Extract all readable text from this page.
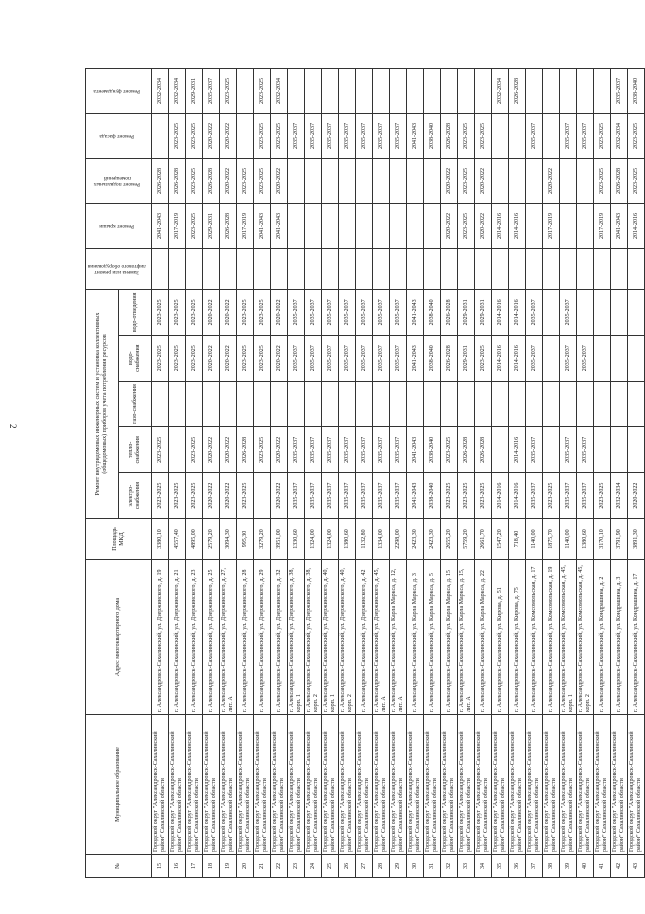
2
№	Муниципальное образование	Адрес многоквартирного дома	Площадь МКД	Ремонт внутридомовых инженерных систем и установка коллективных (общедомовых) приборов учета потребления ресурсов					Замена или ремонт лифтового оборудования	Ремонт крыши	Ремонт подвальных помещений	Ремонт фасада	Ремонт фундамента
				электро-снабжения	тепло-снабжения	газо-снабжения	водо-снабжения	водо-отведения					
15	Городской округ "Александровск-Сахалинский район" Сахалинской области	г. Александровск-Сахалинский, ул. Дзержинского, д. 19	3380,10	2023-2025	2023-2025		2023-2025	2023-2025		2041-2043	2026-2028		2032-2034
16	Городской округ "Александровск-Сахалинский район" Сахалинской области	г. Александровск-Сахалинский, ул. Дзержинского, д. 21	4557,40	2023-2025			2023-2025	2023-2025		2017-2019	2026-2028	2023-2025	2032-2034
17	Городской округ "Александровск-Сахалинский район" Сахалинской области	г. Александровск-Сахалинский, ул. Дзержинского, д. 23	4895,00	2023-2025	2023-2025		2023-2025	2023-2025		2023-2025	2023-2025	2023-2025	2029-2031
18	Городской округ "Александровск-Сахалинский район" Сахалинской области	г. Александровск-Сахалинский, ул. Дзержинского, д. 25	2579,20	2020-2022	2020-2022		2020-2022	2020-2022		2029-2031	2026-2028	2020-2022	2035-2037
19	Городской округ "Александровск-Сахалинский район" Сахалинской области	г. Александровск-Сахалинский, ул. Дзержинского, д. 27, лит. А	3094,30	2020-2022	2020-2022		2020-2022	2020-2022		2026-2028	2020-2022	2020-2022	2023-2025
20	Городской округ "Александровск-Сахалинский район" Сахалинской области	г. Александровск-Сахалинский, ул. Дзержинского, д. 28	995,30	2023-2025	2026-2028		2023-2025	2023-2025		2017-2019	2023-2025		
21	Городской округ "Александровск-Сахалинский район" Сахалинской области	г. Александровск-Сахалинский, ул. Дзержинского, д. 29	3279,20		2023-2025		2023-2025	2023-2025		2041-2043	2023-2025	2023-2025	2023-2025
22	Городской округ "Александровск-Сахалинский район" Сахалинской области	г. Александровск-Сахалинский, ул. Дзержинского, д. 32	3951,00	2020-2022	2020-2022		2020-2022	2020-2022		2041-2043	2020-2022	2023-2025	2032-2034
23	Городской округ "Александровск-Сахалинский район" Сахалинской области	г. Александровск-Сахалинский, ул. Дзержинского, д. 38, корп. 1	1330,60	2035-2037	2035-2037		2035-2037	2035-2037				2035-2037	
24	Городской округ "Александровск-Сахалинский район" Сахалинской области	г. Александровск-Сахалинский, ул. Дзержинского, д. 38, корп. 2	1324,00	2035-2037	2035-2037		2035-2037	2035-2037				2035-2037	
25	Городской округ "Александровск-Сахалинский район" Сахалинской области	г. Александровск-Сахалинский, ул. Дзержинского, д. 40, корп. 1	1324,00	2035-2037	2035-2037		2035-2037	2035-2037				2035-2037	
26	Городской округ "Александровск-Сахалинский район" Сахалинской области	г. Александровск-Сахалинский, ул. Дзержинского, д. 40, корп. 2	1380,60	2035-2037	2035-2037		2035-2037	2035-2037				2035-2037	
27	Городской округ "Александровск-Сахалинский район" Сахалинской области	г. Александровск-Сахалинский, ул. Дзержинского, д. 42	1132,80	2035-2037	2035-2037		2035-2037	2035-2037				2035-2037	
28	Городской округ "Александровск-Сахалинский район" Сахалинской области	г. Александровск-Сахалинский, ул. Дзержинского, д. 45, лит. А	1334,00	2035-2037	2035-2037		2035-2037	2035-2037				2035-2037	
29	Городской округ "Александровск-Сахалинский район" Сахалинской области	г. Александровск-Сахалинский, ул. Карла Маркса, д. 12, лит. А	2298,00	2035-2037	2035-2037		2035-2037	2035-2037				2035-2037	
30	Городской округ "Александровск-Сахалинский район" Сахалинской области	г. Александровск-Сахалинский, ул. Карла Маркса, д. 3	2423,30	2041-2043	2041-2043		2041-2043	2041-2043				2041-2043	
31	Городской округ "Александровск-Сахалинский район" Сахалинской области	г. Александровск-Сахалинский, ул. Карла Маркса, д. 5	2423,30	2038-2040	2038-2040		2038-2040	2038-2040				2038-2040	
32	Городской округ "Александровск-Сахалинский район" Сахалинской области	г. Александровск-Сахалинский, ул. Карла Маркса, д. 15	2655,20	2023-2025	2023-2025		2026-2028	2026-2028		2020-2022	2020-2022	2026-2028	
33	Городской округ "Александровск-Сахалинский район" Сахалинской области	г. Александровск-Сахалинский, ул. Карла Маркса, д. 15, лит. А	5759,20	2023-2025	2026-2028		2029-2031	2029-2031		2023-2025	2023-2025	2023-2025	
34	Городской округ "Александровск-Сахалинский район" Сахалинской области	г. Александровск-Сахалинский, ул. Карла Маркса, д. 22	2661,70	2023-2025	2026-2028		2023-2025	2029-2031		2020-2022	2020-2022	2023-2025	
35	Городской округ "Александровск-Сахалинский район" Сахалинской области	г. Александровск-Сахалинский, ул. Кирова, д. 51	1547,20	2014-2016			2014-2016	2014-2016		2014-2016			2032-2034
36	Городской округ "Александровск-Сахалинский район" Сахалинской области	г. Александровск-Сахалинский, ул. Кирова, д. 75	718,40	2014-2016	2014-2016		2014-2016	2014-2016		2014-2016			2026-2028
37	Городской округ "Александровск-Сахалинский район" Сахалинской области	г. Александровск-Сахалинский, ул. Комсомольская, д. 17	1140,00	2035-2037	2035-2037		2035-2037	2035-2037				2035-2037	
38	Городской округ "Александровск-Сахалинский район" Сахалинской области	г. Александровск-Сахалинский, ул. Комсомольская, д. 19	1875,70	2023-2025						2017-2019	2020-2022		
39	Городской округ "Александровск-Сахалинский район" Сахалинской области	г. Александровск-Сахалинский, ул. Комсомольская, д. 45, корп. 1	1140,00	2035-2037	2035-2037		2035-2037	2035-2037				2035-2037	
40	Городской округ "Александровск-Сахалинский район" Сахалинской области	г. Александровск-Сахалинский, ул. Комсомольская, д. 45, корп. 2	1380,60	2035-2037	2035-2037		2035-2037					2035-2037	
41	Городской округ "Александровск-Сахалинский район" Сахалинской области	г. Александровск-Сахалинский, ул. Кондрашина, д. 2	3170,10	2023-2025						2017-2019	2023-2025	2023-2025	
42	Городской округ "Александровск-Сахалинский район" Сахалинской области	г. Александровск-Сахалинский, ул. Кондрашина, д. 3	3791,90	2032-2034						2041-2043	2026-2028	2032-2034	2035-2037
43	Городской округ "Александровск-Сахалинский район" Сахалинской области	г. Александровск-Сахалинский, ул. Кондрашина, д. 17	3891,30	2020-2022						2014-2016	2023-2025	2023-2025	2038-2040
